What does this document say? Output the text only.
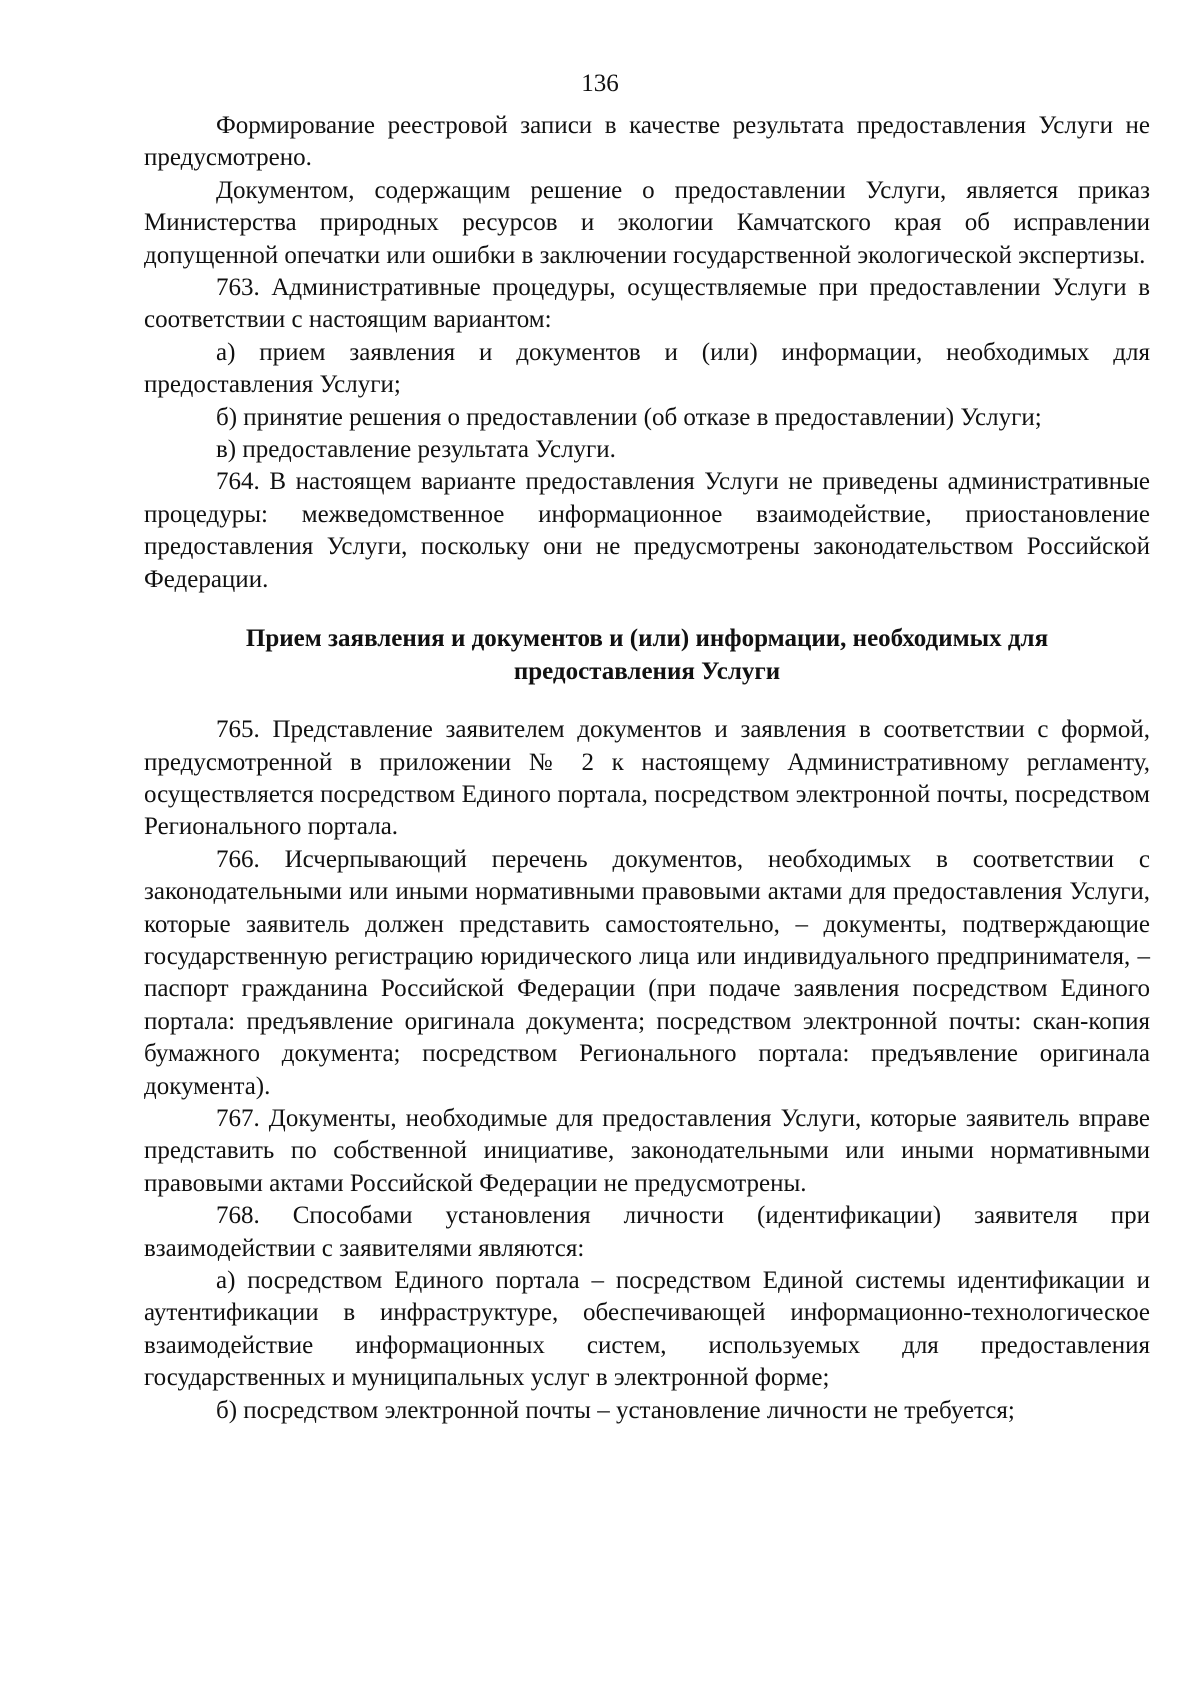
136

Формирование реестровой записи в качестве результата предоставления Услуги не предусмотрено.

Документом, содержащим решение о предоставлении Услуги, является приказ Министерства природных ресурсов и экологии Камчатского края об исправлении допущенной опечатки или ошибки в заключении государственной экологической экспертизы.

763. Административные процедуры, осуществляемые при предоставлении Услуги в соответствии с настоящим вариантом:

а) прием заявления и документов и (или) информации, необходимых для предоставления Услуги;

б) принятие решения о предоставлении (об отказе в предоставлении) Услуги;

в) предоставление результата Услуги.

764. В настоящем варианте предоставления Услуги не приведены административные процедуры: межведомственное информационное взаимодействие, приостановление предоставления Услуги, поскольку они не предусмотрены законодательством Российской Федерации.

Прием заявления и документов и (или) информации, необходимых для предоставления Услуги

765. Представление заявителем документов и заявления в соответствии с формой, предусмотренной в приложении № 2 к настоящему Административному регламенту, осуществляется посредством Единого портала, посредством электронной почты, посредством Регионального портала.

766. Исчерпывающий перечень документов, необходимых в соответствии с законодательными или иными нормативными правовыми актами для предоставления Услуги, которые заявитель должен представить самостоятельно, – документы, подтверждающие государственную регистрацию юридического лица или индивидуального предпринимателя, – паспорт гражданина Российской Федерации (при подаче заявления посредством Единого портала: предъявление оригинала документа; посредством электронной почты: скан-копия бумажного документа; посредством Регионального портала: предъявление оригинала документа).

767. Документы, необходимые для предоставления Услуги, которые заявитель вправе представить по собственной инициативе, законодательными или иными нормативными правовыми актами Российской Федерации не предусмотрены.

768. Способами установления личности (идентификации) заявителя при взаимодействии с заявителями являются:

а) посредством Единого портала – посредством Единой системы идентификации и аутентификации в инфраструктуре, обеспечивающей информационно-технологическое взаимодействие информационных систем, используемых для предоставления государственных и муниципальных услуг в электронной форме;

б) посредством электронной почты – установление личности не требуется;
